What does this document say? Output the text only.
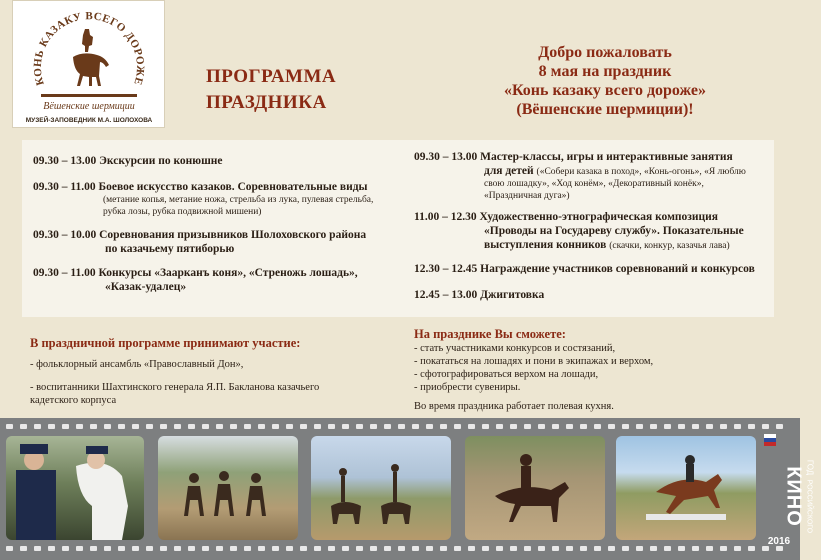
КОНЬ КАЗАКУ ВСЕГО ДОРОЖЕ
Вёшенские шермиции
МУЗЕЙ-ЗАПОВЕДНИК М.А. ШОЛОХОВА
ПРОГРАММА
ПРАЗДНИКА
Добро пожаловать
8 мая на праздник
«Конь казаку всего дороже»
(Вёшенские шермиции)!
09.30 – 13.00 Экскурсии по конюшне
09.30 – 11.00 Боевое искусство казаков. Соревновательные виды
(метание копья, метание ножа, стрельба из лука, пулевая стрельба,
рубка лозы, рубка подвижной мишени)
09.30 – 10.00 Соревнования призывников Шолоховского района
по казачьему пятиборью
09.30 – 11.00 Конкурсы «Заарканъ коня», «Стреножь лошадь»,
«Казак-удалец»
09.30 – 13.00 Мастер-классы, игры и интерактивные занятия
для детей («Собери казака в поход», «Конь-огонь», «Я люблю
свою лошадку», «Ход конём», «Декоративный конёк»,
«Праздничная дуга»)
11.00 – 12.30 Художественно-этнографическая композиция
«Проводы на Государеву службу». Показательные
выступления конников (скачки, конкур, казачья лава)
12.30 – 12.45 Награждение участников соревнований и конкурсов
12.45 – 13.00 Джигитовка
В праздничной программе принимают участие:
- фольклорный ансамбль «Православный Дон»,
- воспитанники Шахтинского генерала Я.П. Бакланова казачьего
кадетского корпуса
На празднике Вы сможете:
- стать участниками конкурсов и состязаний,
- покататься на лошадях и пони в экипажах и верхом,
- сфотографироваться верхом на лошади,
- приобрести сувениры.
Во время праздника работает полевая кухня.
ГОД РОССИЙСКОГО
КИНО
2016
